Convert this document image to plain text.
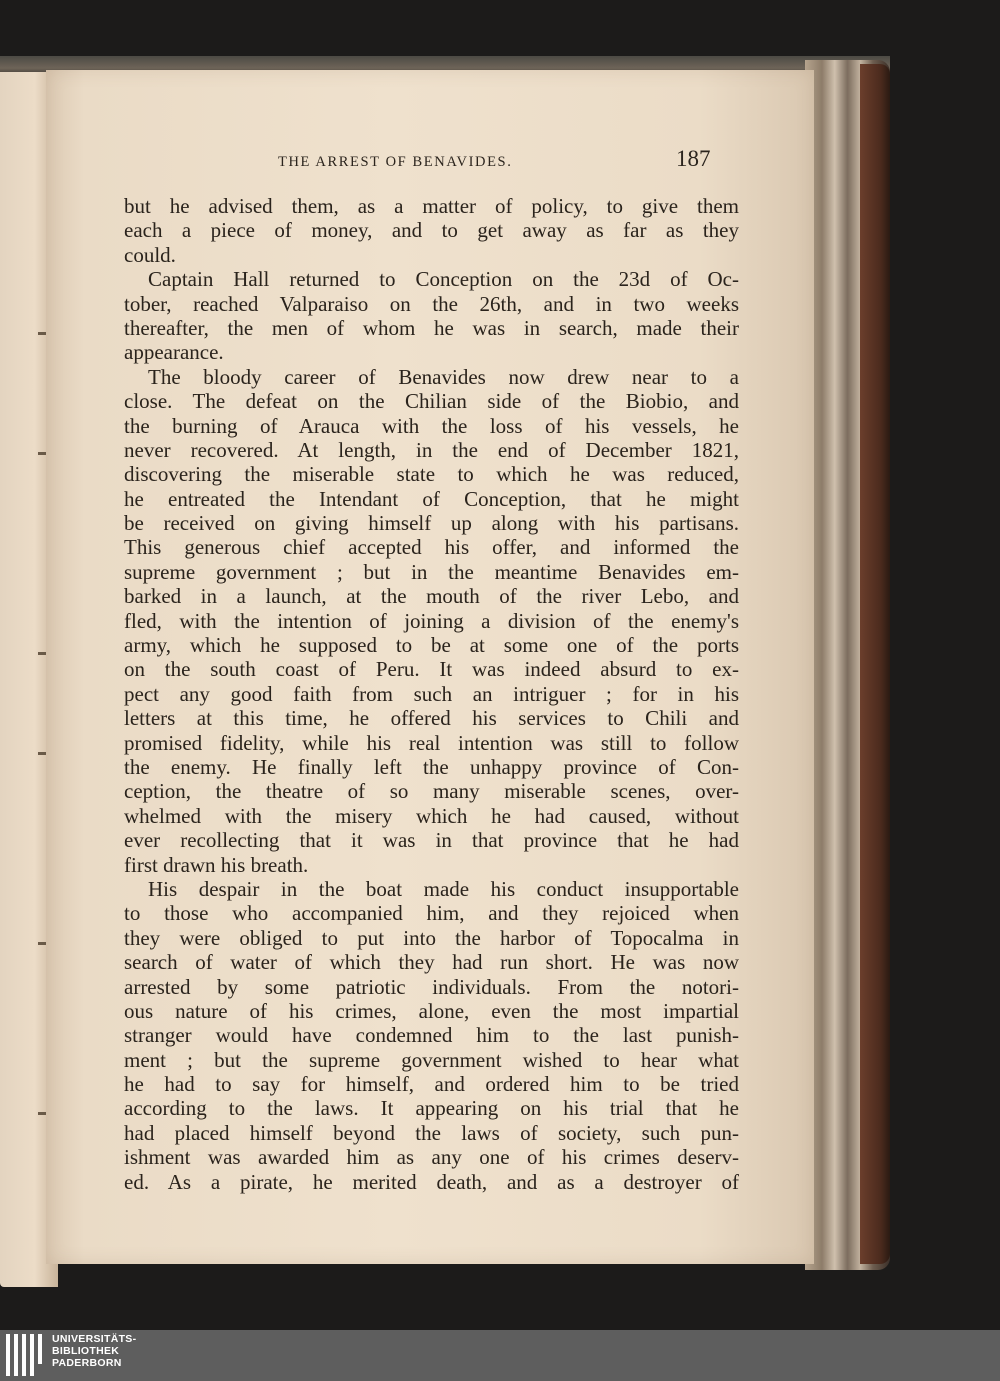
THE ARREST OF BENAVIDES.	187
but he advised them, as a matter of policy, to give them
each a piece of money, and to get away as far as they
could.
Captain Hall returned to Conception on the 23d of Oc-
tober, reached Valparaiso on the 26th, and in two weeks
thereafter, the men of whom he was in search, made their
appearance.
The bloody career of Benavides now drew near to a
close. The defeat on the Chilian side of the Biobio, and
the burning of Arauca with the loss of his vessels, he
never recovered. At length, in the end of December 1821,
discovering the miserable state to which he was reduced,
he entreated the Intendant of Conception, that he might
be received on giving himself up along with his partisans.
This generous chief accepted his offer, and informed the
supreme government ; but in the meantime Benavides em-
barked in a launch, at the mouth of the river Lebo, and
fled, with the intention of joining a division of the enemy's
army, which he supposed to be at some one of the ports
on the south coast of Peru. It was indeed absurd to ex-
pect any good faith from such an intriguer ; for in his
letters at this time, he offered his services to Chili and
promised fidelity, while his real intention was still to follow
the enemy. He finally left the unhappy province of Con-
ception, the theatre of so many miserable scenes, over-
whelmed with the misery which he had caused, without
ever recollecting that it was in that province that he had
first drawn his breath.
His despair in the boat made his conduct insupportable
to those who accompanied him, and they rejoiced when
they were obliged to put into the harbor of Topocalma in
search of water of which they had run short. He was now
arrested by some patriotic individuals. From the notori-
ous nature of his crimes, alone, even the most impartial
stranger would have condemned him to the last punish-
ment ; but the supreme government wished to hear what
he had to say for himself, and ordered him to be tried
according to the laws. It appearing on his trial that he
had placed himself beyond the laws of society, such pun-
ishment was awarded him as any one of his crimes deserv-
ed. As a pirate, he merited death, and as a destroyer of
UNIVERSITÄTS-
BIBLIOTHEK
PADERBORN
